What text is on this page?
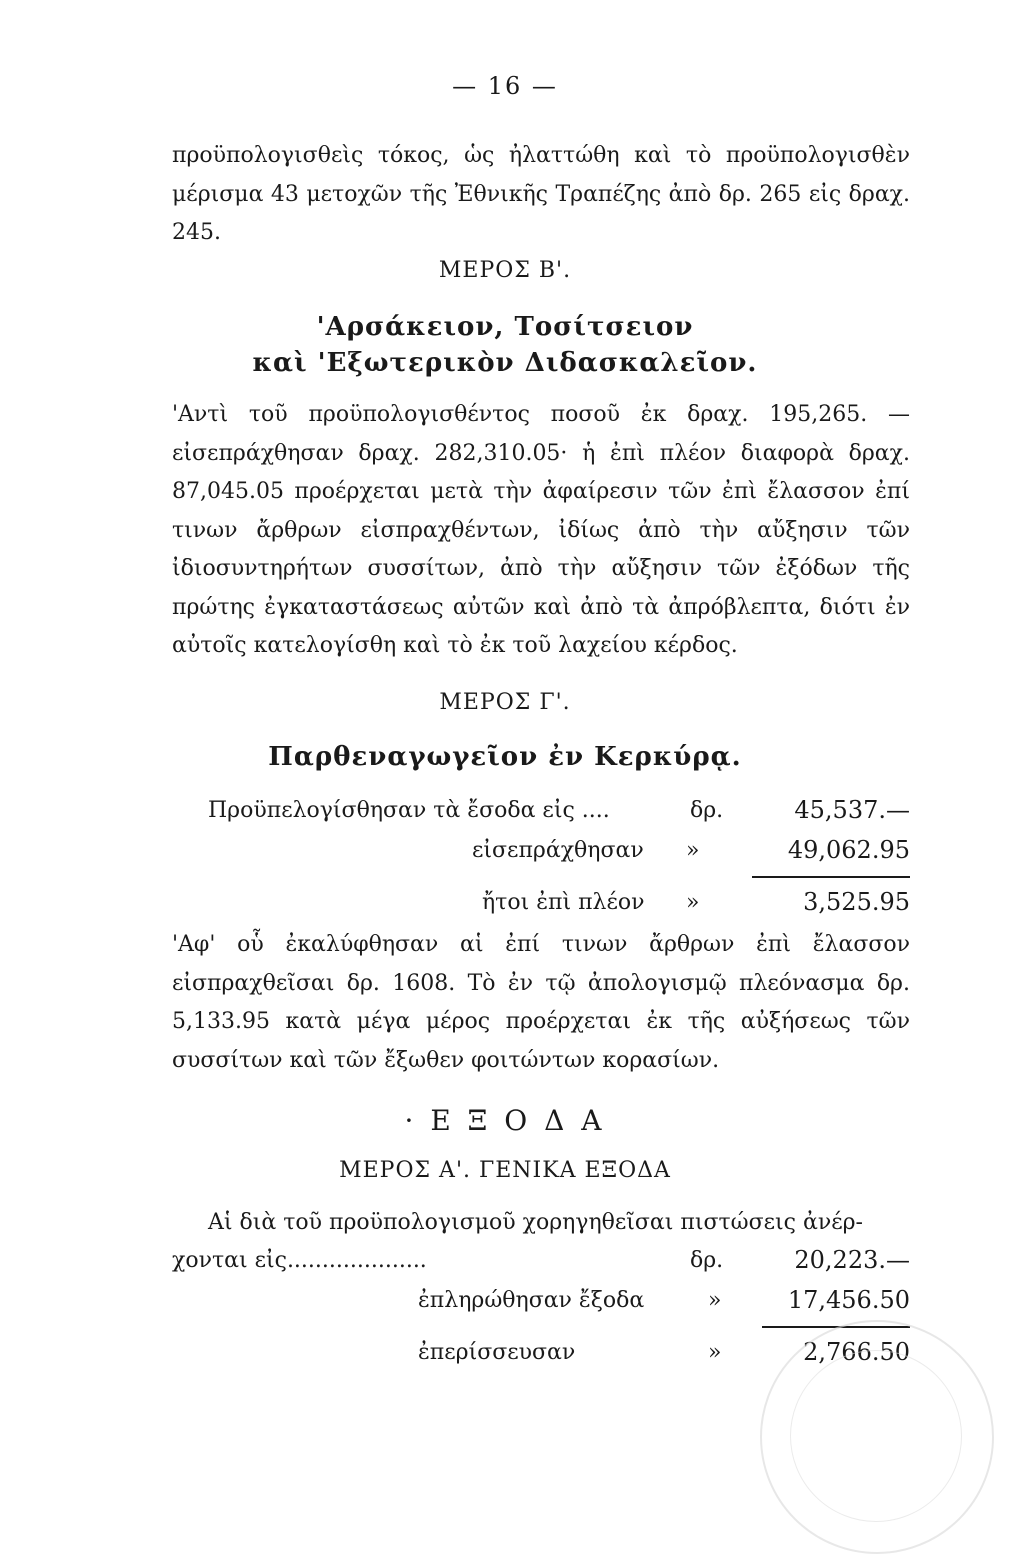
— 16 —
προϋπολογισθεὶς τόκος, ὡς ἠλαττώθη καὶ τὸ προϋπολογισθὲν μέρισμα 43 μετοχῶν τῆς Ἐθνικῆς Τραπέζης ἀπὸ δρ. 265 εἰς δραχ. 245.
ΜΕΡΟΣ Β'.
'Αρσάκειον, Τοσίτσειον
καὶ 'Εξωτερικὸν Διδασκαλεῖον.
'Αντὶ τοῦ προϋπολογισθέντος ποσοῦ ἐκ δραχ. 195,265. — εἰσεπράχθησαν δραχ. 282,310.05· ἡ ἐπὶ πλέον διαφορὰ δραχ. 87,045.05 προέρχεται μετὰ τὴν ἀφαίρεσιν τῶν ἐπὶ ἔλασσον ἐπί τινων ἄρθρων εἰσπραχθέντων, ἰδίως ἀπὸ τὴν αὔξησιν τῶν ἰδιοσυντηρήτων συσσίτων, ἀπὸ τὴν αὔξησιν τῶν ἐξόδων τῆς πρώτης ἐγκαταστάσεως αὐτῶν καὶ ἀπὸ τὰ ἀπρόβλεπτα, διότι ἐν αὐτοῖς κατελογίσθη καὶ τὸ ἐκ τοῦ λαχείου κέρδος.
ΜΕΡΟΣ Γ'.
Παρθεναγωγεῖον ἐν Κερκύρᾳ.
Προϋπελογίσθησαν τὰ ἔσοδα εἰς ....	δρ.	45,537.—
εἰσεπράχθησαν »	49,062.95
ἤτοι ἐπὶ πλέον »	3,525.95
'Αφ' οὗ ἐκαλύφθησαν αἱ ἐπί τινων ἄρθρων ἐπὶ ἔλασσον εἰσπραχθεῖσαι δρ. 1608. Τὸ ἐν τῷ ἀπολογισμῷ πλεόνασμα δρ. 5,133.95 κατὰ μέγα μέρος προέρχεται ἐκ τῆς αὐξήσεως τῶν συσσίτων καὶ τῶν ἔξωθεν φοιτώντων κορασίων.
· Ε Ξ Ο Δ Α
ΜΕΡΟΣ Α'. ΓΕΝΙΚΑ ΕΞΟΔΑ
Αἱ διὰ τοῦ προϋπολογισμοῦ χορηγηθεῖσαι πιστώσεις ἀνέρ-
χονται εἰς....................	δρ.	20,223.—
ἐπληρώθησαν ἔξοδα	»	17,456.50
ἐπερίσσευσαν	»	2,766.50
